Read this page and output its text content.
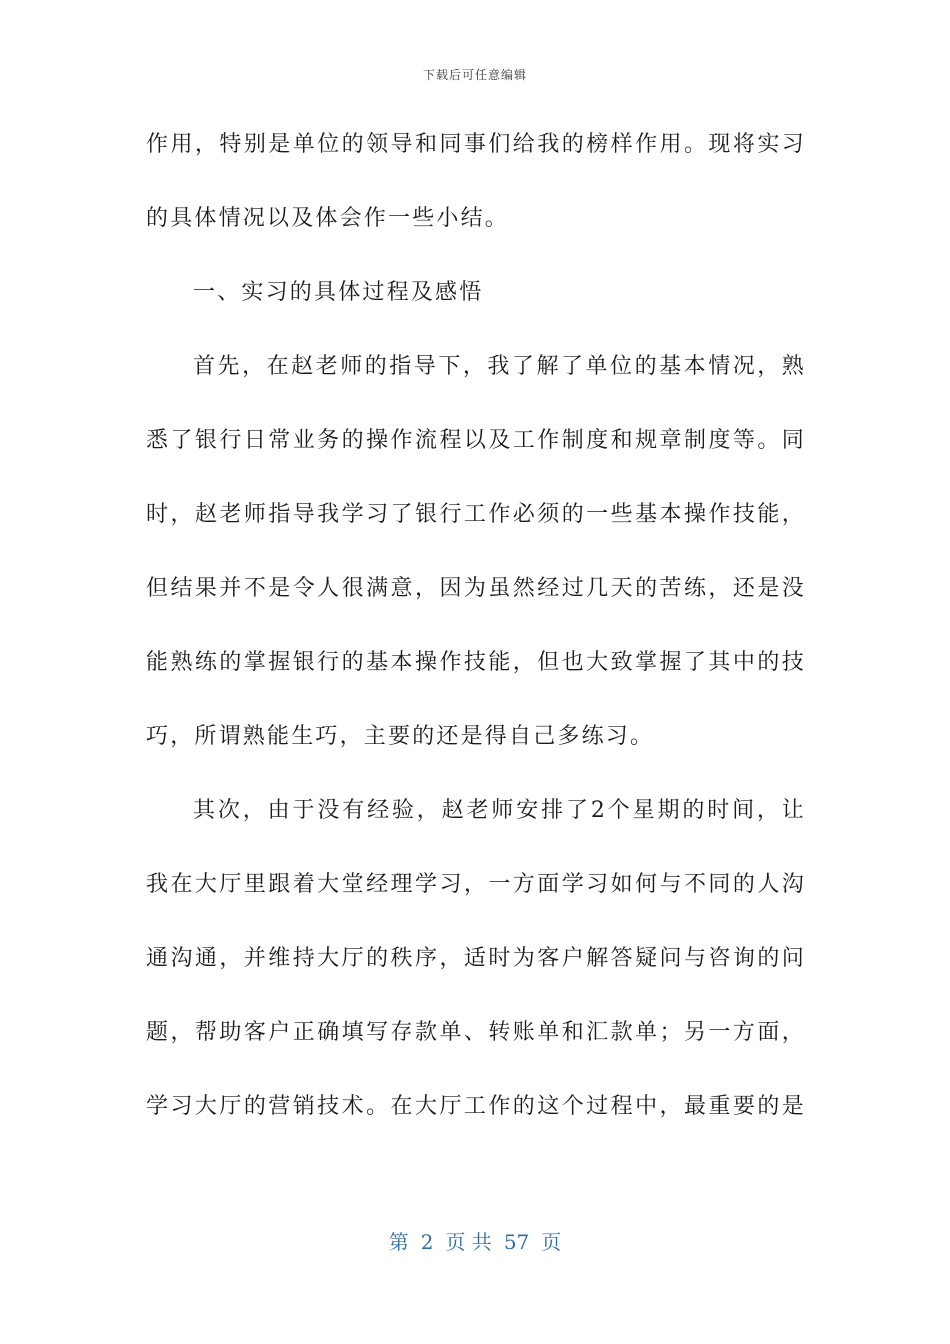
下载后可任意编辑
作用，特别是单位的领导和同事们给我的榜样作用。现将实习
的具体情况以及体会作一些小结。
一、实习的具体过程及感悟
首先，在赵老师的指导下，我了解了单位的基本情况，熟
悉了银行日常业务的操作流程以及工作制度和规章制度等。同
时，赵老师指导我学习了银行工作必须的一些基本操作技能，
但结果并不是令人很满意，因为虽然经过几天的苦练，还是没
能熟练的掌握银行的基本操作技能，但也大致掌握了其中的技
巧，所谓熟能生巧，主要的还是得自己多练习。
其次，由于没有经验，赵老师安排了2个星期的时间，让
我在大厅里跟着大堂经理学习，一方面学习如何与不同的人沟
通沟通，并维持大厅的秩序，适时为客户解答疑问与咨询的问
题，帮助客户正确填写存款单、转账单和汇款单；另一方面，
学习大厅的营销技术。在大厅工作的这个过程中，最重要的是
第 2 页 共 57 页
